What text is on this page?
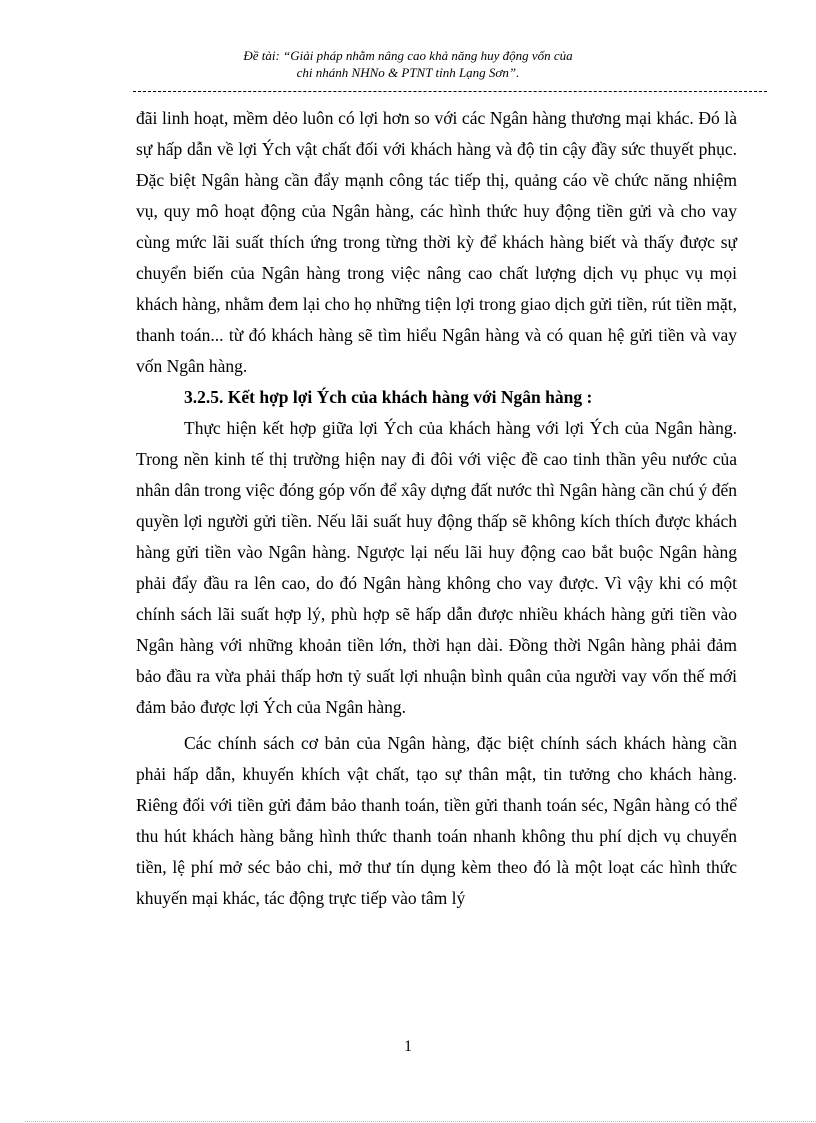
Đề tài: “Giải pháp nhằm nâng cao khả năng huy động vốn của
chi nhánh NHNo & PTNT tỉnh Lạng Sơn”.

đãi linh hoạt, mềm dẻo luôn có lợi hơn so với các Ngân hàng thương mại khác. Đó là sự hấp dẫn về lợi Ých vật chất đối với khách hàng và độ tin cậy đầy sức thuyết phục. Đặc biệt Ngân hàng cần đẩy mạnh công tác tiếp thị, quảng cáo về chức năng nhiệm vụ, quy mô hoạt động của Ngân hàng, các hình thức huy động tiền gửi và cho vay cùng mức lãi suất thích ứng trong từng thời kỳ để khách hàng biết và thấy được sự chuyển biến của Ngân hàng trong việc nâng cao chất lượng dịch vụ phục vụ mọi khách hàng, nhằm đem lại cho họ những tiện lợi trong giao dịch gửi tiền, rút tiền mặt, thanh toán... từ đó khách hàng sẽ tìm hiểu Ngân hàng và có quan hệ gửi tiền và vay vốn Ngân hàng.

3.2.5. Kết hợp lợi Ých của khách hàng với Ngân hàng :

Thực hiện kết hợp giữa lợi Ých của khách hàng với lợi Ých của Ngân hàng. Trong nền kinh tế thị trường hiện nay đi đôi với việc đề cao tinh thần yêu nước của nhân dân trong việc đóng góp vốn để xây dựng đất nước thì Ngân hàng cần chú ý đến quyền lợi người gửi tiền. Nếu lãi suất huy động thấp sẽ không kích thích được khách hàng gửi tiền vào Ngân hàng. Ngược lại nếu lãi huy động cao bắt buộc Ngân hàng phải đẩy đầu ra lên cao, do đó Ngân hàng không cho vay được. Vì vậy khi có một chính sách lãi suất hợp lý, phù hợp sẽ hấp dẫn được nhiều khách hàng gửi tiền vào Ngân hàng với những khoản tiền lớn, thời hạn dài. Đồng thời Ngân hàng phải đảm bảo đầu ra vừa phải thấp hơn tỷ suất lợi nhuận bình quân của người vay vốn thế mới đảm bảo được lợi Ých của Ngân hàng.

Các chính sách cơ bản của Ngân hàng, đặc biệt chính sách khách hàng cần phải hấp dẫn, khuyến khích vật chất, tạo sự thân mật, tin tưởng cho khách hàng. Riêng đối với tiền gửi đảm bảo thanh toán, tiền gửi thanh toán séc, Ngân hàng có thể thu hút khách hàng bằng hình thức thanh toán nhanh không thu phí dịch vụ chuyển tiền, lệ phí mở séc bảo chi, mở thư tín dụng kèm theo đó là một loạt các hình thức khuyến mại khác, tác động trực tiếp vào tâm lý

1
